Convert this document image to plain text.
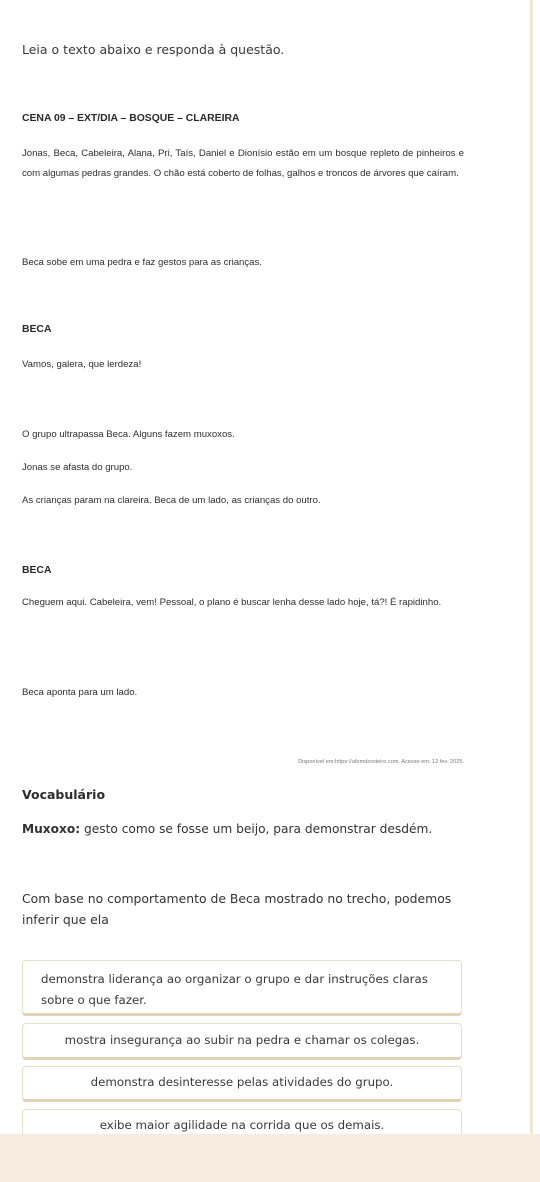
Leia o texto abaixo e responda à questão.

CENA 09 – EXT/DIA – BOSQUE – CLAREIRA

Jonas, Beca, Cabeleira, Alana, Pri, Taís, Daniel e Dionísio estão em um bosque repleto de pinheiros e com algumas pedras grandes. O chão está coberto de folhas, galhos e troncos de árvores que caíram.

Beca sobe em uma pedra e faz gestos para as crianças.

BECA

Vamos, galera, que lerdeza!

O grupo ultrapassa Beca. Alguns fazem muxoxos.

Jonas se afasta do grupo.

As crianças param na clareira. Beca de um lado, as crianças do outro.

BECA

Cheguem aqui. Cabeleira, vem! Pessoal, o plano é buscar lenha desse lado hoje, tá?! É rapidinho.

Beca aponta para um lado.

Disponível em:https://afemdoroteiro.com. Acesso em: 12 fev. 2025.

Vocabulário

Muxoxo: gesto como se fosse um beijo, para demonstrar desdém.

Com base no comportamento de Beca mostrado no trecho, podemos inferir que ela

demonstra liderança ao organizar o grupo e dar instruções claras sobre o que fazer.
mostra insegurança ao subir na pedra e chamar os colegas.
demonstra desinteresse pelas atividades do grupo.
exibe maior agilidade na corrida que os demais.
